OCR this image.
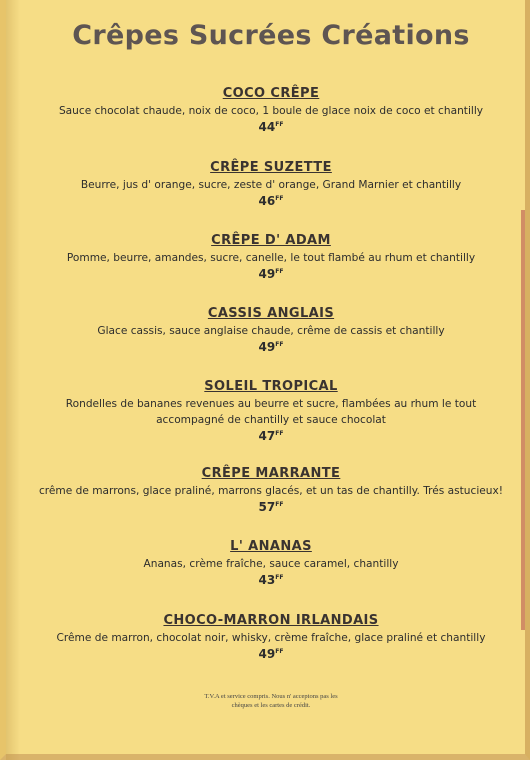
Crêpes Sucrées Créations
COCO CRÊPE
Sauce chocolat chaude, noix de coco, 1 boule de glace noix de coco et chantilly
$44^{FF}$
CRÊPE SUZETTE
Beurre, jus d' orange, sucre, zeste d' orange, Grand Marnier et chantilly
$46^{FF}$
CRÊPE D' ADAM
Pomme, beurre, amandes, sucre, canelle, le tout flambé au rhum et chantilly
$49^{FF}$
CASSIS ANGLAIS
Glace cassis, sauce anglaise chaude, crême de cassis et chantilly
$49^{FF}$
SOLEIL TROPICAL
Rondelles de bananes revenues au beurre et sucre, flambées au rhum le tout accompagné de chantilly et sauce chocolat
$47^{FF}$
CRÊPE MARRANTE
crême de marrons, glace praliné, marrons glacés, et un tas de chantilly. Trés astucieux!
$57^{FF}$
L' ANANAS
Ananas, crème fraîche, sauce caramel, chantilly
$43^{FF}$
CHOCO-MARRON IRLANDAIS
Crême de marron, chocolat noir, whisky, crème fraîche, glace praliné et chantilly
$49^{FF}$
T.V.A et service compris. Nous n' acceptons pas les
chèques et les cartes de crédit.
